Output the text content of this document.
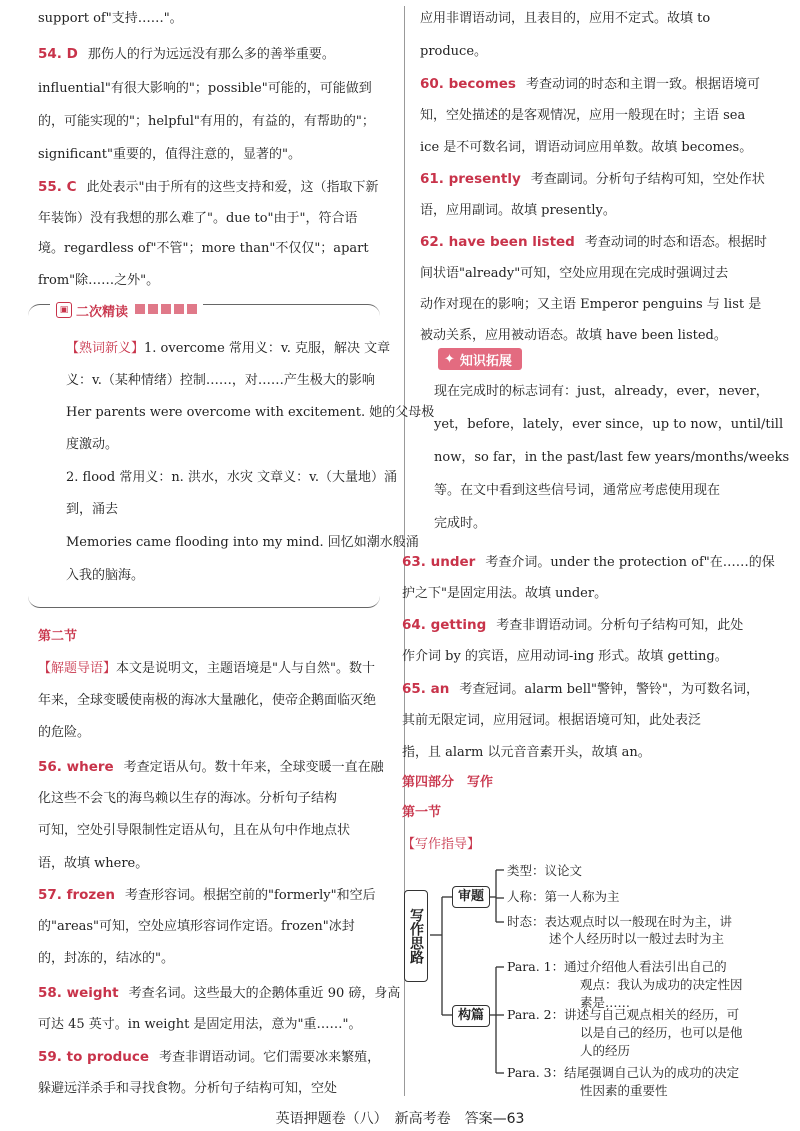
support of"支持……"。
54. D 那伤人的行为远远没有那么多的善举重要。
influential"有很大影响的"；possible"可能的，可能做到
的，可能实现的"；helpful"有用的，有益的，有帮助的"；
significant"重要的，值得注意的，显著的"。
55. C 此处表示"由于所有的这些支持和爱，这（指取下新
年装饰）没有我想的那么难了"。due to"由于"，符合语
境。regardless of"不管"；more than"不仅仅"；apart
from"除……之外"。
▣ 二次精读
【熟词新义】1. overcome 常用义：v. 克服，解决 文章
义：v.（某种情绪）控制……，对……产生极大的影响
Her parents were overcome with excitement. 她的父母极
度激动。
2. flood 常用义：n. 洪水，水灾 文章义：v.（大量地）涌
到，涌去
Memories came flooding into my mind. 回忆如潮水般涌
入我的脑海。
第二节
【解题导语】本文是说明文，主题语境是"人与自然"。数十
年来，全球变暖使南极的海冰大量融化，使帝企鹅面临灭绝
的危险。
56. where 考查定语从句。数十年来，全球变暖一直在融
化这些不会飞的海鸟赖以生存的海冰。分析句子结构
可知，空处引导限制性定语从句，且在从句中作地点状
语，故填 where。
57. frozen 考查形容词。根据空前的"formerly"和空后
的"areas"可知，空处应填形容词作定语。frozen"冰封
的，封冻的，结冰的"。
58. weight 考查名词。这些最大的企鹅体重近 90 磅，身高
可达 45 英寸。in weight 是固定用法，意为"重……"。
59. to produce 考查非谓语动词。它们需要冰来繁殖，
躲避远洋杀手和寻找食物。分析句子结构可知，空处
应用非谓语动词，且表目的，应用不定式。故填 to
produce。
60. becomes 考查动词的时态和主谓一致。根据语境可
知，空处描述的是客观情况，应用一般现在时；主语 sea
ice 是不可数名词，谓语动词应用单数。故填 becomes。
61. presently 考查副词。分析句子结构可知，空处作状
语，应用副词。故填 presently。
62. have been listed 考查动词的时态和语态。根据时
间状语"already"可知，空处应用现在完成时强调过去
动作对现在的影响；又主语 Emperor penguins 与 list 是
被动关系，应用被动语态。故填 have been listed。
✦ 知识拓展
现在完成时的标志词有：just，already，ever，never，
yet，before，lately，ever since，up to now，until/till
now，so far，in the past/last few years/months/weeks
等。在文中看到这些信号词，通常应考虑使用现在
完成时。
63. under 考查介词。under the protection of"在……的保
护之下"是固定用法。故填 under。
64. getting 考查非谓语动词。分析句子结构可知，此处
作介词 by 的宾语，应用动词-ing 形式。故填 getting。
65. an 考查冠词。alarm bell"警钟，警铃"，为可数名词，
其前无限定词，应用冠词。根据语境可知，此处表泛
指，且 alarm 以元音音素开头，故填 an。
第四部分　写作
第一节
【写作指导】
写作思路
审题
构篇
类型：议论文
人称：第一人称为主
时态：表达观点时以一般现在时为主，讲
述个人经历时以一般过去时为主
Para. 1：通过介绍他人看法引出自己的
观点：我认为成功的决定性因
素是……
Para. 2：讲述与自己观点相关的经历，可
以是自己的经历，也可以是他
人的经历
Para. 3：结尾强调自己认为的成功的决定
性因素的重要性
英语押题卷（八）　新高考卷　答案—63
